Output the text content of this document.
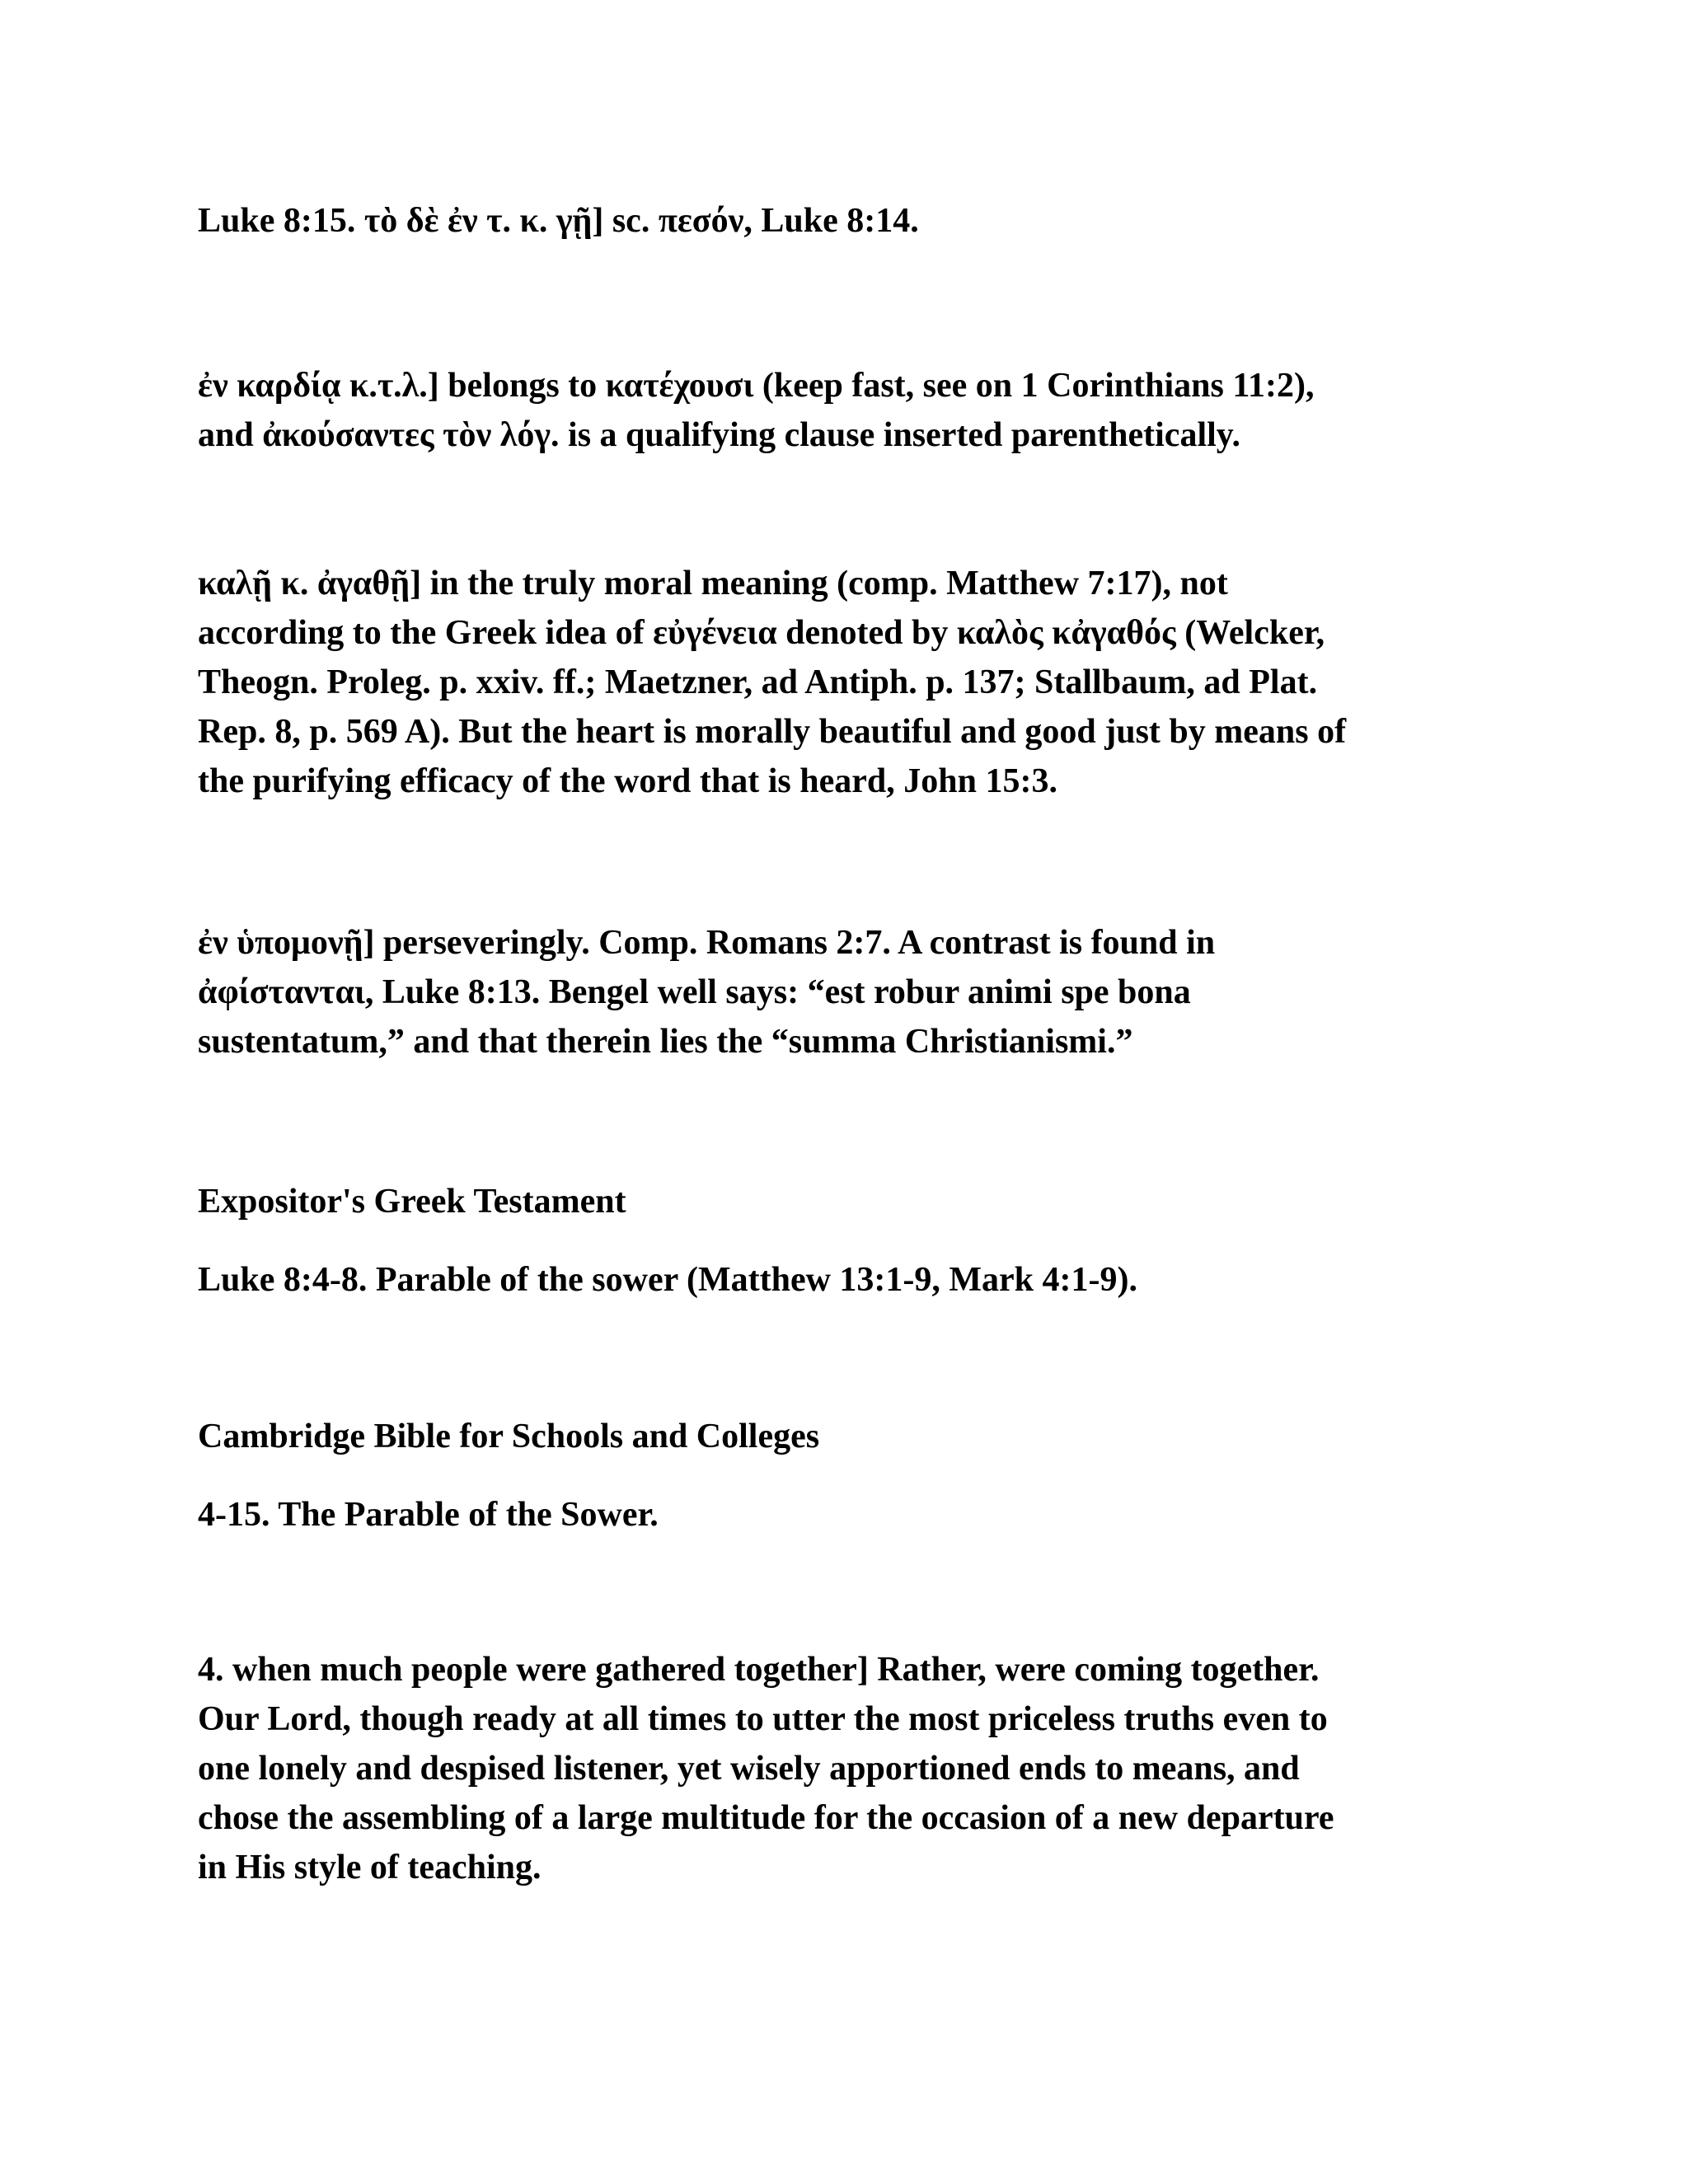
Luke 8:15. τὸ δὲ ἐν τ. κ. γῇ] sc. πεσόν, Luke 8:14.

ἐν καρδίᾳ κ.τ.λ.] belongs to κατέχουσι (keep fast, see on 1 Corinthians 11:2),
and ἀκούσαντες τὸν λόγ. is a qualifying clause inserted parenthetically.

καλῇ κ. ἀγαθῇ] in the truly moral meaning (comp. Matthew 7:17), not
according to the Greek idea of εὐγένεια denoted by καλὸς κἀγαθός (Welcker,
Theogn. Proleg. p. xxiv. ff.; Maetzner, ad Antiph. p. 137; Stallbaum, ad Plat.
Rep. 8, p. 569 A). But the heart is morally beautiful and good just by means of
the purifying efficacy of the word that is heard, John 15:3.

ἐν ὑπομονῇ] perseveringly. Comp. Romans 2:7. A contrast is found in
ἀφίστανται, Luke 8:13. Bengel well says: “est robur animi spe bona
sustentatum,” and that therein lies the “summa Christianismi.”

Expositor's Greek Testament

Luke 8:4-8. Parable of the sower (Matthew 13:1-9, Mark 4:1-9).

Cambridge Bible for Schools and Colleges

4-15. The Parable of the Sower.

4. when much people were gathered together] Rather, were coming together.
Our Lord, though ready at all times to utter the most priceless truths even to
one lonely and despised listener, yet wisely apportioned ends to means, and
chose the assembling of a large multitude for the occasion of a new departure
in His style of teaching.
